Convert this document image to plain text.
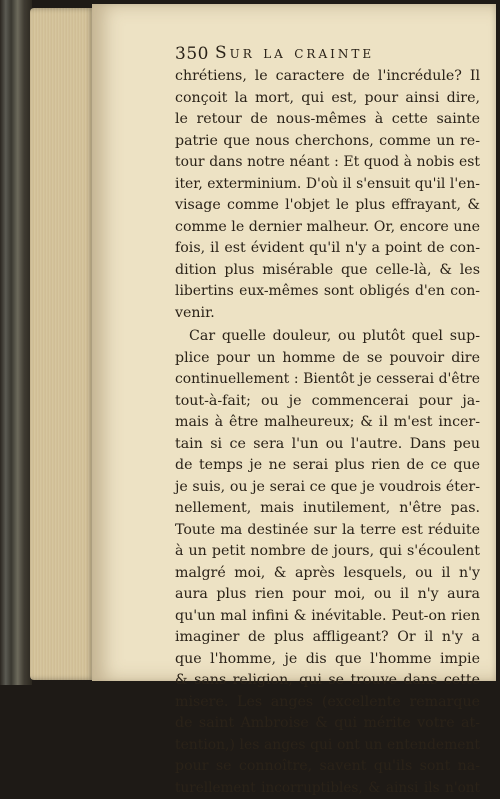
350 Sur la crainte
chrétiens, le caractere de l'incrédule? Il
conçoit la mort, qui est, pour ainsi dire,
le retour de nous-mêmes à cette sainte
patrie que nous cherchons, comme un re-
tour dans notre néant : Et quod à nobis est
iter, exterminium. D'où il s'ensuit qu'il l'en-
visage comme l'objet le plus effrayant, &
comme le dernier malheur. Or, encore une
fois, il est évident qu'il n'y a point de con-
dition plus misérable que celle-là, & les
libertins eux-mêmes sont obligés d'en con-
venir.
Car quelle douleur, ou plutôt quel sup-
plice pour un homme de se pouvoir dire
continuellement : Bientôt je cesserai d'être
tout-à-fait; ou je commencerai pour ja-
mais à être malheureux; & il m'est incer-
tain si ce sera l'un ou l'autre. Dans peu
de temps je ne serai plus rien de ce que
je suis, ou je serai ce que je voudrois éter-
nellement, mais inutilement, n'être pas.
Toute ma destinée sur la terre est réduite
à un petit nombre de jours, qui s'écoulent
malgré moi, & après lesquels, ou il n'y
aura plus rien pour moi, ou il n'y aura
qu'un mal infini & inévitable. Peut-on rien
imaginer de plus affligeant? Or il n'y a
que l'homme, je dis que l'homme impie
& sans religion, qui se trouve dans cette
misere. Les anges (excellente remarque
de saint Ambroise & qui mérite votre at-
tention,) les anges qui ont un entendement
pour se connoître, savent qu'ils sont na-
turellement incorruptibles, & ainsi ils n'ont
